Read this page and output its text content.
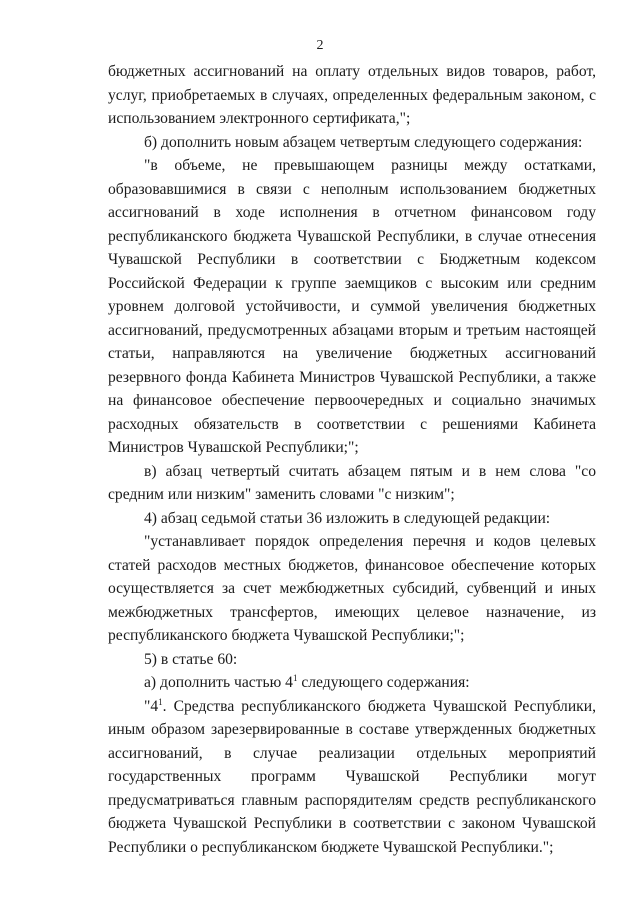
2

бюджетных ассигнований на оплату отдельных видов товаров, работ, услуг, приобретаемых в случаях, определенных федеральным законом, с использованием электронного сертификата,";

б) дополнить новым абзацем четвертым следующего содержания:

"в объеме, не превышающем разницы между остатками, образовавшимися в связи с неполным использованием бюджетных ассигнований в ходе исполнения в отчетном финансовом году республиканского бюджета Чувашской Республики, в случае отнесения Чувашской Республики в соответствии с Бюджетным кодексом Российской Федерации к группе заемщиков с высоким или средним уровнем долговой устойчивости, и суммой увеличения бюджетных ассигнований, предусмотренных абзацами вторым и третьим настоящей статьи, направляются на увеличение бюджетных ассигнований резервного фонда Кабинета Министров Чувашской Республики, а также на финансовое обеспечение первоочередных и социально значимых расходных обязательств в соответствии с решениями Кабинета Министров Чувашской Республики;";

в) абзац четвертый считать абзацем пятым и в нем слова "со средним или низким" заменить словами "с низким";

4) абзац седьмой статьи 36 изложить в следующей редакции:

"устанавливает порядок определения перечня и кодов целевых статей расходов местных бюджетов, финансовое обеспечение которых осуществляется за счет межбюджетных субсидий, субвенций и иных межбюджетных трансфертов, имеющих целевое назначение, из республиканского бюджета Чувашской Республики;";

5) в статье 60:

а) дополнить частью $4^1$ следующего содержания:

"$4^1$. Средства республиканского бюджета Чувашской Республики, иным образом зарезервированные в составе утвержденных бюджетных ассигнований, в случае реализации отдельных мероприятий государственных программ Чувашской Республики могут предусматриваться главным распорядителям средств республиканского бюджета Чувашской Республики в соответствии с законом Чувашской Республики о республиканском бюджете Чувашской Республики.";
